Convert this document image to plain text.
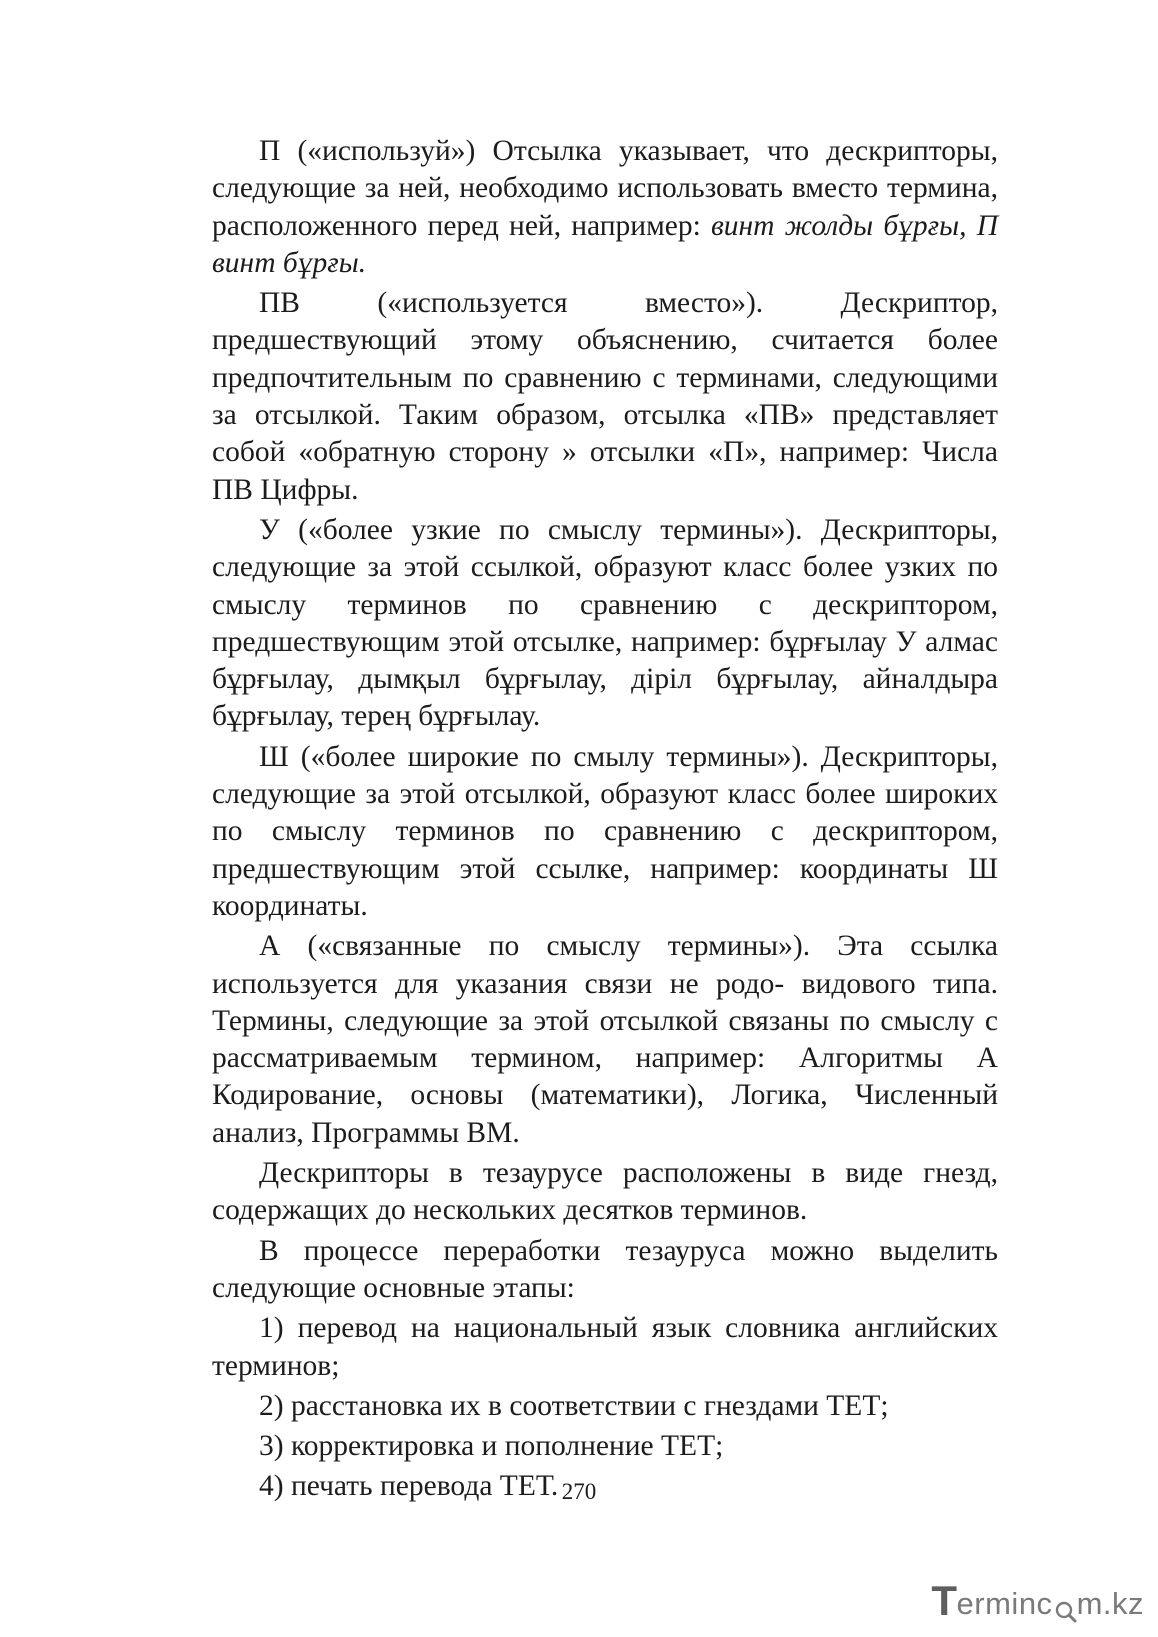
П («используй») Отсылка указывает, что дескрипторы, следующие за ней, необходимо использовать вместо термина, расположенного перед ней, например: винт жолды бұрғы, П винт бұрғы.

ПВ («используется вместо»). Дескриптор, предшествующий этому объяснению, считается более предпочтительным по сравнению с терминами, следующими за отсылкой. Таким образом, отсылка «ПВ» представляет собой «обратную сторону » отсылки «П», например: Числа ПВ Цифры.

У («более узкие по смыслу термины»). Дескрипторы, следующие за этой ссылкой, образуют класс более узких по смыслу терминов по сравнению с дескриптором, предшествующим этой отсылке, например: бұрғылау У алмас бұрғылау, дымқыл бұрғылау, діріл бұрғылау, айналдыра бұрғылау, терең бұрғылау.

Ш («более широкие по смылу термины»). Дескрипторы, следующие за этой отсылкой, образуют класс более широких по смыслу терминов по сравнению с дескриптором, предшествующим этой ссылке, например: координаты Ш координаты.

А («связанные по смыслу термины»). Эта ссылка используется для указания связи не родо- видового типа. Термины, следующие за этой отсылкой связаны по смыслу с рассматриваемым термином, например: Алгоритмы А Кодирование, основы (математики), Логика, Численный анализ, Программы ВМ.

Дескрипторы в тезаурусе расположены в виде гнезд, содержащих до нескольких десятков терминов.

В процессе переработки тезауруса можно выделить следующие основные этапы:

1) перевод на национальный язык словника английских терминов;

2) расстановка их в соответствии с гнездами ТЕТ;

3) корректировка и пополнение ТЕТ;

4) печать перевода ТЕТ. 270
T erminc m.kz
